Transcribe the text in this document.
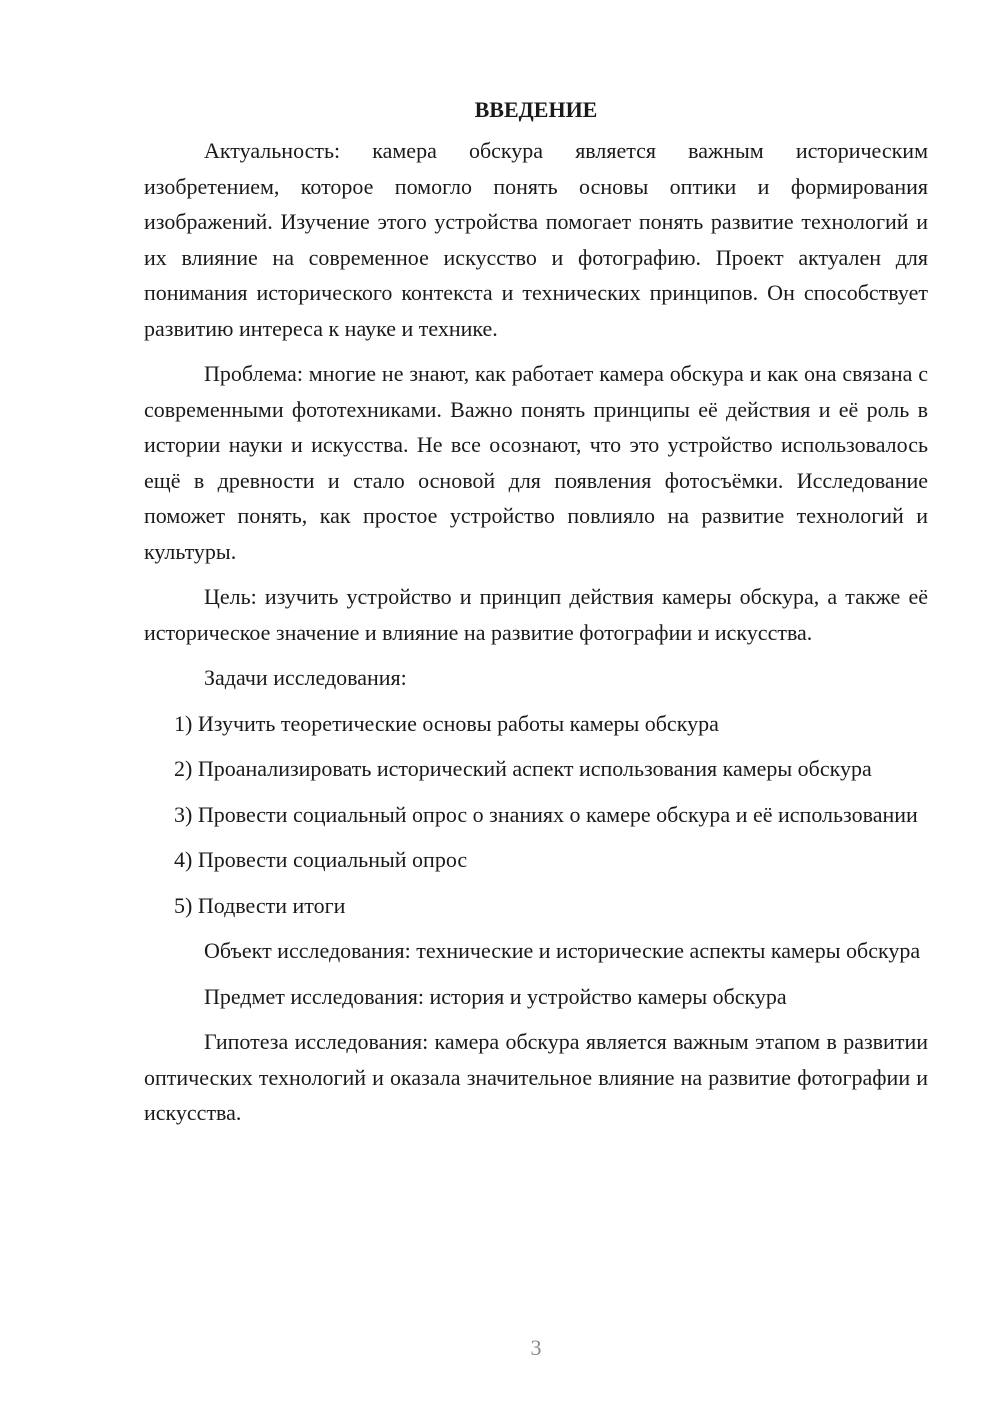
ВВЕДЕНИЕ

Актуальность: камера обскура является важным историческим изобретением, которое помогло понять основы оптики и формирования изображений. Изучение этого устройства помогает понять развитие технологий и их влияние на современное искусство и фотографию. Проект актуален для понимания исторического контекста и технических принципов. Он способствует развитию интереса к науке и технике.

Проблема: многие не знают, как работает камера обскура и как она связана с современными фототехниками. Важно понять принципы её действия и её роль в истории науки и искусства. Не все осознают, что это устройство использовалось ещё в древности и стало основой для появления фотосъёмки. Исследование поможет понять, как простое устройство повлияло на развитие технологий и культуры.

Цель: изучить устройство и принцип действия камеры обскура, а также её историческое значение и влияние на развитие фотографии и искусства.

Задачи исследования:

1) Изучить теоретические основы работы камеры обскура

2) Проанализировать исторический аспект использования камеры обскура

3) Провести социальный опрос о знаниях о камере обскура и её использовании

4) Провести социальный опрос

5) Подвести итоги

Объект исследования: технические и исторические аспекты камеры обскура

Предмет исследования: история и устройство камеры обскура

Гипотеза исследования: камера обскура является важным этапом в развитии оптических технологий и оказала значительное влияние на развитие фотографии и искусства.

3
